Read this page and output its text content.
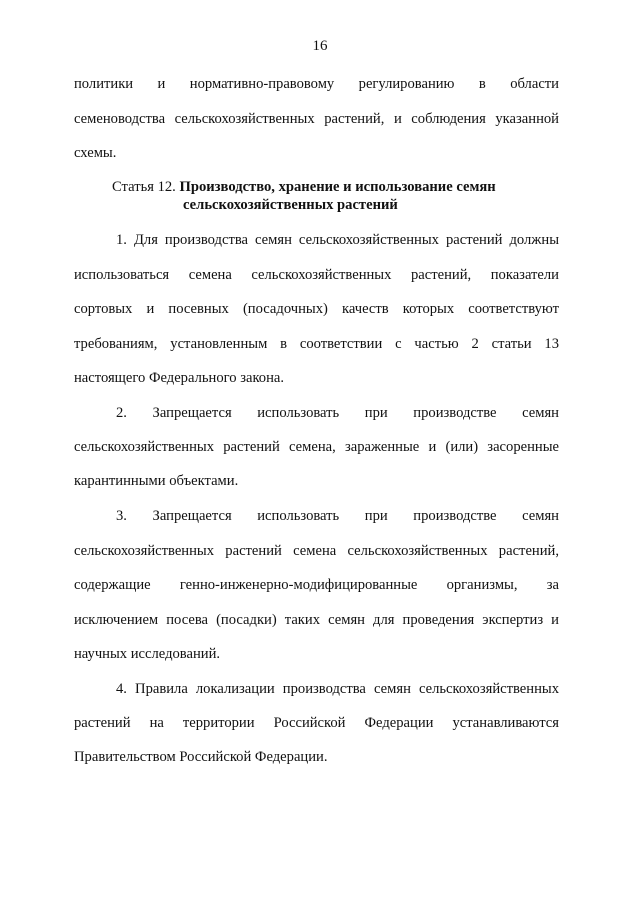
16
политики и нормативно-правовому регулированию в области
семеноводства сельскохозяйственных растений, и соблюдения указанной
схемы.
Статья 12. Производство, хранение и использование семян
сельскохозяйственных растений
1. Для производства семян сельскохозяйственных растений должны
использоваться семена сельскохозяйственных растений, показатели
сортовых и посевных (посадочных) качеств которых соответствуют
требованиям, установленным в соответствии с частью 2 статьи 13
настоящего Федерального закона.
2. Запрещается использовать при производстве семян
сельскохозяйственных растений семена, зараженные и (или) засоренные
карантинными объектами.
3. Запрещается использовать при производстве семян
сельскохозяйственных растений семена сельскохозяйственных растений,
содержащие генно-инженерно-модифицированные организмы, за
исключением посева (посадки) таких семян для проведения экспертиз и
научных исследований.
4. Правила локализации производства семян сельскохозяйственных
растений на территории Российской Федерации устанавливаются
Правительством Российской Федерации.
